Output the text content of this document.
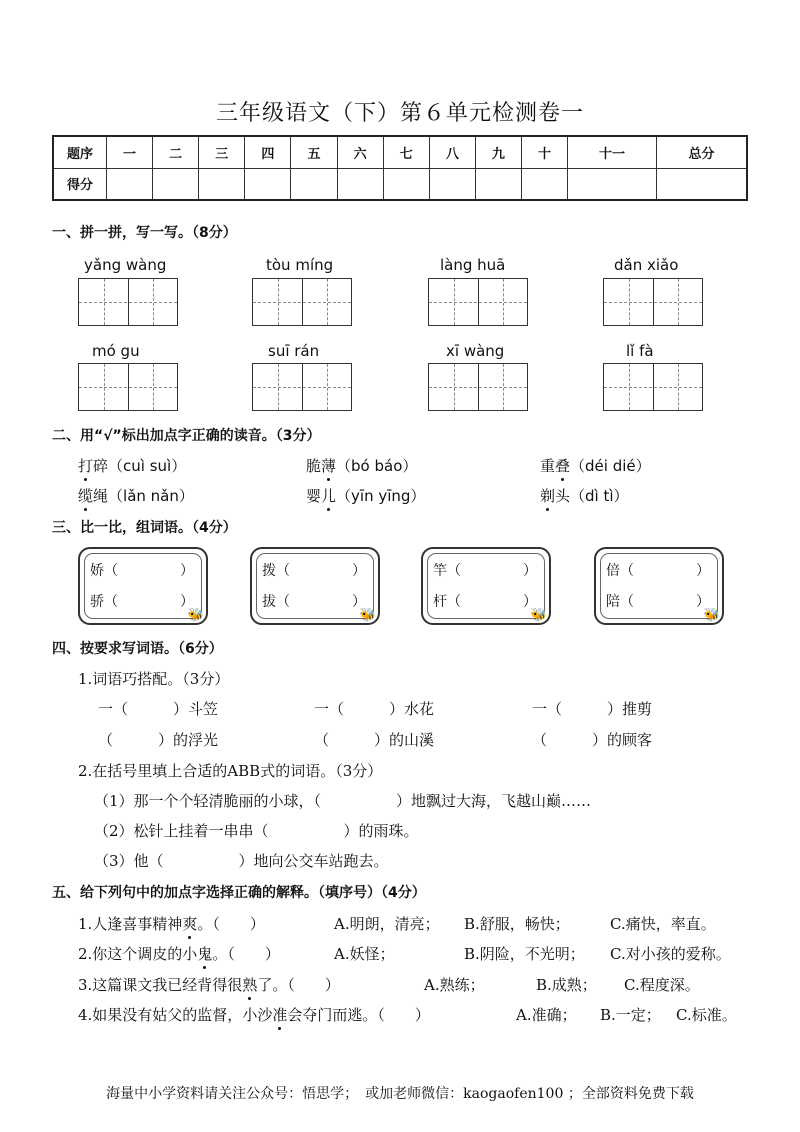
三年级语文（下）第６单元检测卷一
题序	一	二	三	四	五	六	七	八	九	十	十一	总分
得分												
一、拼一拼，写一写。（8分）
yǎng wàng	tòu míng	làng huā	dǎn xiǎo
mó gu	suī rán	xī wàng	lǐ fà
二、用“√”标出加点字正确的读音。（3分）
打碎（cuì suì）	脆薄（bó báo）	重叠（déi dié）
缆绳（lǎn nǎn）	婴儿（yīn yīng）	剃头（dì tì）
三、比一比，组词语。（4分）
娇（	）
骄（	）
🐝
拨（	）
拔（	）
🐝
竿（	）
杆（	）
🐝
倍（	）
陪（	）
🐝
四、按要求写词语。（6分）
1.词语巧搭配。（3分）
一（　　　）斗笠	一（　　　）水花	一（　　　）推剪
（　　　）的浮光	（　　　）的山溪	（　　　）的顾客
2.在括号里填上合适的ABB式的词语。（3分）
（1）那一个个轻清脆丽的小球，（　　　　　）地飘过大海，飞越山巅……
（2）松针上挂着一串串（　　　　　）的雨珠。
（3）他（　　　　　）地向公交车站跑去。
五、给下列句中的加点字选择正确的解释。（填序号）（4分）
1.人逢喜事精神爽。（　　）	A.明朗，清亮； B.舒服，畅快；	C.痛快，率直。
2.你这个调皮的小鬼。（　　）	A.妖怪；	B.阴险，不光明； C.对小孩的爱称。
3.这篇课文我已经背得很熟了。（　　）	A.熟练；	B.成熟； C.程度深。
4.如果没有姑父的监督，小沙准会夺门而逃。（　　）	A.准确； B.一定； C.标准。
海量中小学资料请关注公众号：悟思学；　或加老师微信：kaogaofen100 ；全部资料免费下载
